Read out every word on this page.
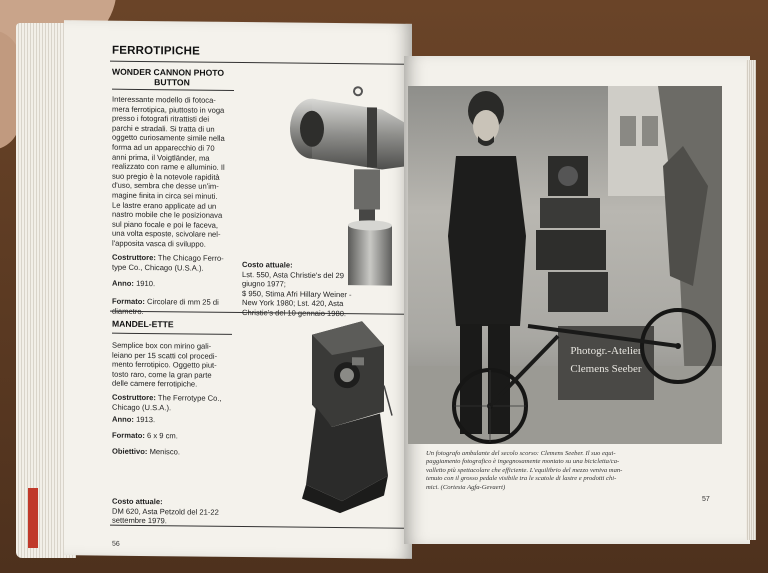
FERROTIPICHE
WONDER CANNON PHOTO
BUTTON
Interessante modello di fotoca-
mera ferrotipica, piuttosto in voga
presso i fotografi ritrattisti dei
parchi e stradali. Si tratta di un
oggetto curiosamente simile nella
forma ad un apparecchio di 70
anni prima, il Voigtländer, ma
realizzato con rame e alluminio. Il
suo pregio è la notevole rapidità
d'uso, sembra che desse un'im-
magine finita in circa sei minuti.
Le lastre erano applicate ad un
nastro mobile che le posizionava
sul piano focale e poi le faceva,
una volta esposte, scivolare nel-
l'apposita vasca di sviluppo.
Costruttore: The Chicago Ferro-
type Co., Chicago (U.S.A.).
Anno: 1910.
Formato: Circolare di mm 25 di
diametro.
Costo attuale:
Lst. 550, Asta Christie's del 29
giugno 1977;
$ 950, Stima Afri Hillary Weiner -
New York 1980; Lst. 420, Asta
Christie's del 10 gennaio 1980.
MANDEL-ETTE
Semplice box con mirino gali-
leiano per 15 scatti col procedi-
mento ferrotipico. Oggetto piut-
tosto raro, come la gran parte
delle camere ferrotipiche.
Costruttore: The Ferrotype Co.,
Chicago (U.S.A.).
Anno: 1913.
Formato: 6 x 9 cm.
Obiettivo: Menisco.
Costo attuale:
DM 620, Asta Petzold del 21-22
settembre 1979.
56
Photogr.-Atelier
Clemens Seeber
Un fotografo ambulante del secolo scorso: Clemens Seeber. Il suo equi-
paggiamento fotografico è ingegnosamente montato su una bicicletta/ca-
valletto più spettacolare che efficiente. L'equilibrio del mezzo veniva man-
tenuto con il grosso pedale visibile tra le scatole di lastre e prodotti chi-
mici. (Cortesia Agfa-Gevaert)
57
